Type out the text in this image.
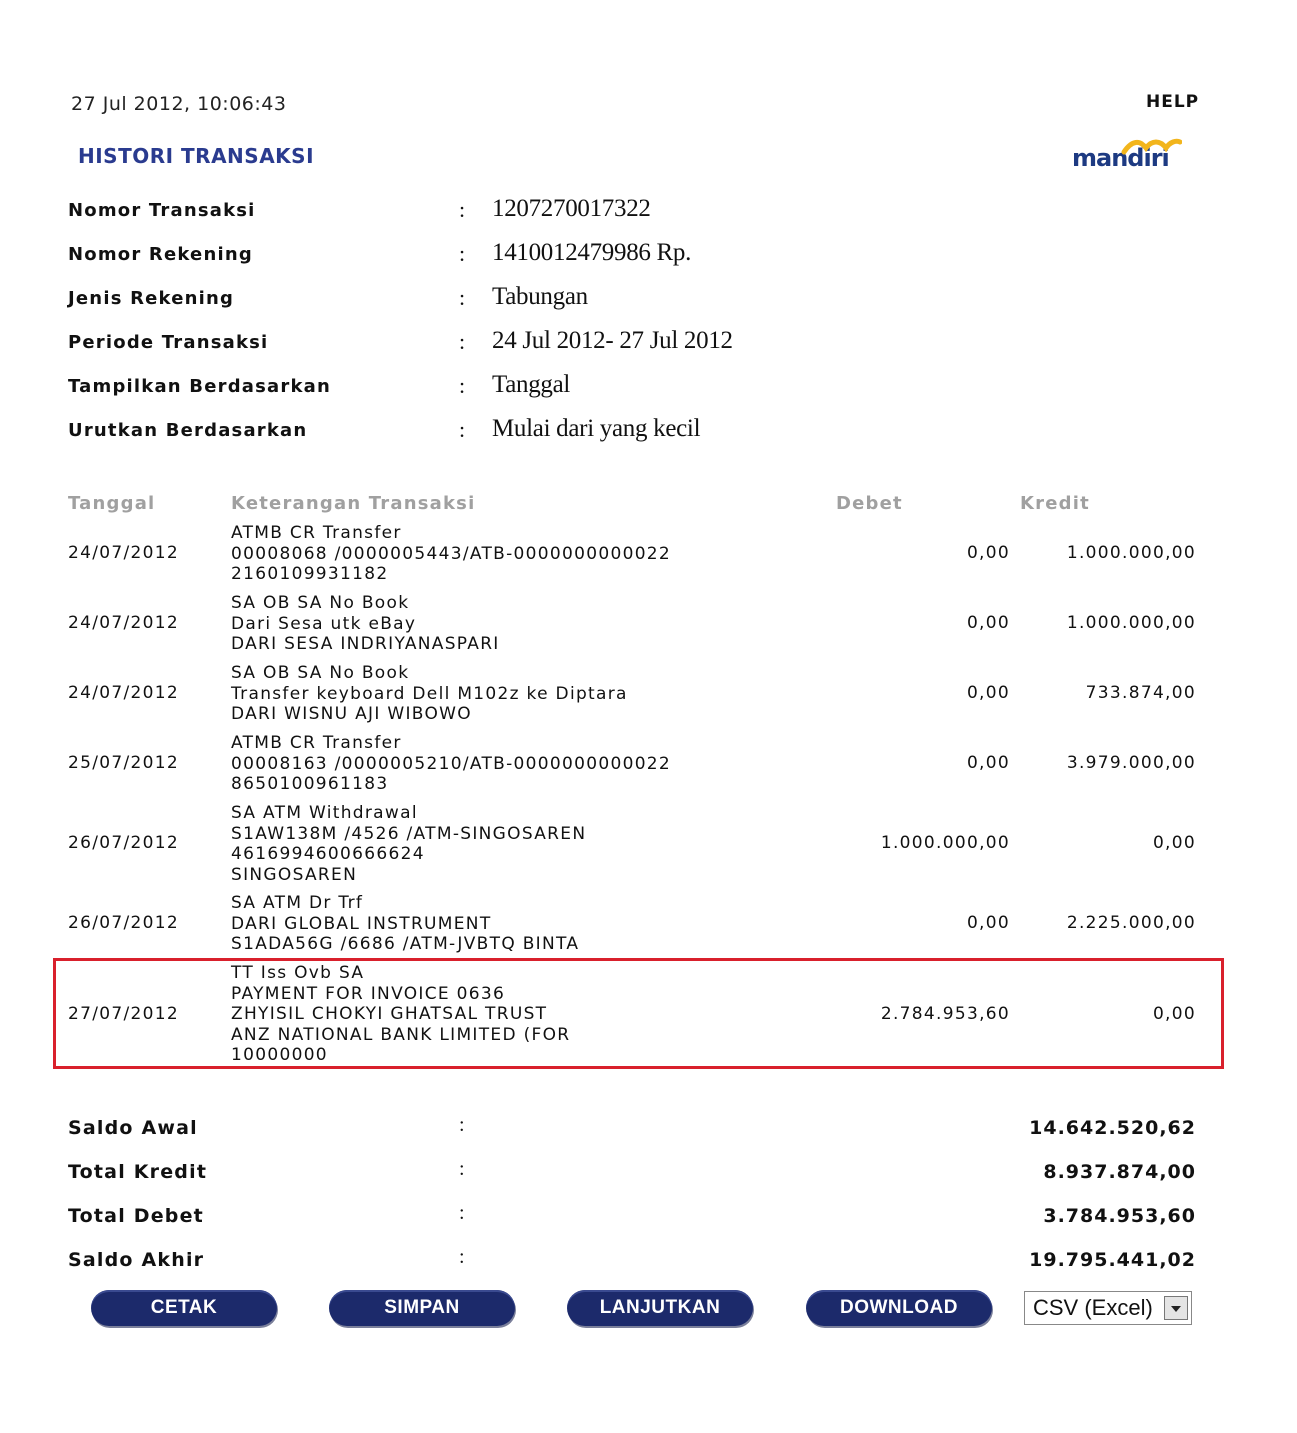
27 Jul 2012, 10:06:43	HELP
HISTORI TRANSAKSI	mandiri
Nomor Transaksi	: 1207270017322
Nomor Rekening	: 1410012479986 Rp.
Jenis Rekening	: Tabungan
Periode Transaksi	: 24 Jul 2012- 27 Jul 2012
Tampilkan Berdasarkan	: Tanggal
Urutkan Berdasarkan	: Mulai dari yang kecil
Tanggal	Keterangan Transaksi	Debet	Kredit
24/07/2012
ATMB CR Transfer
00008068 /0000005443/ATB-0000000000022
2160109931182
0,00	1.000.000,00
24/07/2012
SA OB SA No Book
Dari Sesa utk eBay
DARI SESA INDRIYANASPARI
0,00	1.000.000,00
24/07/2012
SA OB SA No Book
Transfer keyboard Dell M102z ke Diptara
DARI WISNU AJI WIBOWO
0,00	733.874,00
25/07/2012
ATMB CR Transfer
00008163 /0000005210/ATB-0000000000022
8650100961183
0,00	3.979.000,00
26/07/2012
SA ATM Withdrawal
S1AW138M /4526 /ATM-SINGOSAREN
4616994600666624
SINGOSAREN
1.000.000,00	0,00
26/07/2012
SA ATM Dr Trf
DARI GLOBAL INSTRUMENT
S1ADA56G /6686 /ATM-JVBTQ BINTA
0,00	2.225.000,00
27/07/2012
TT Iss Ovb SA
PAYMENT FOR INVOICE 0636
ZHYISIL CHOKYI GHATSAL TRUST
ANZ NATIONAL BANK LIMITED (FOR
10000000
2.784.953,60	0,00
Saldo Awal	:	14.642.520,62
Total Kredit	:	8.937.874,00
Total Debet	:	3.784.953,60
Saldo Akhir	:	19.795.441,02
CETAK	SIMPAN	LANJUTKAN	DOWNLOAD	CSV (Excel)
